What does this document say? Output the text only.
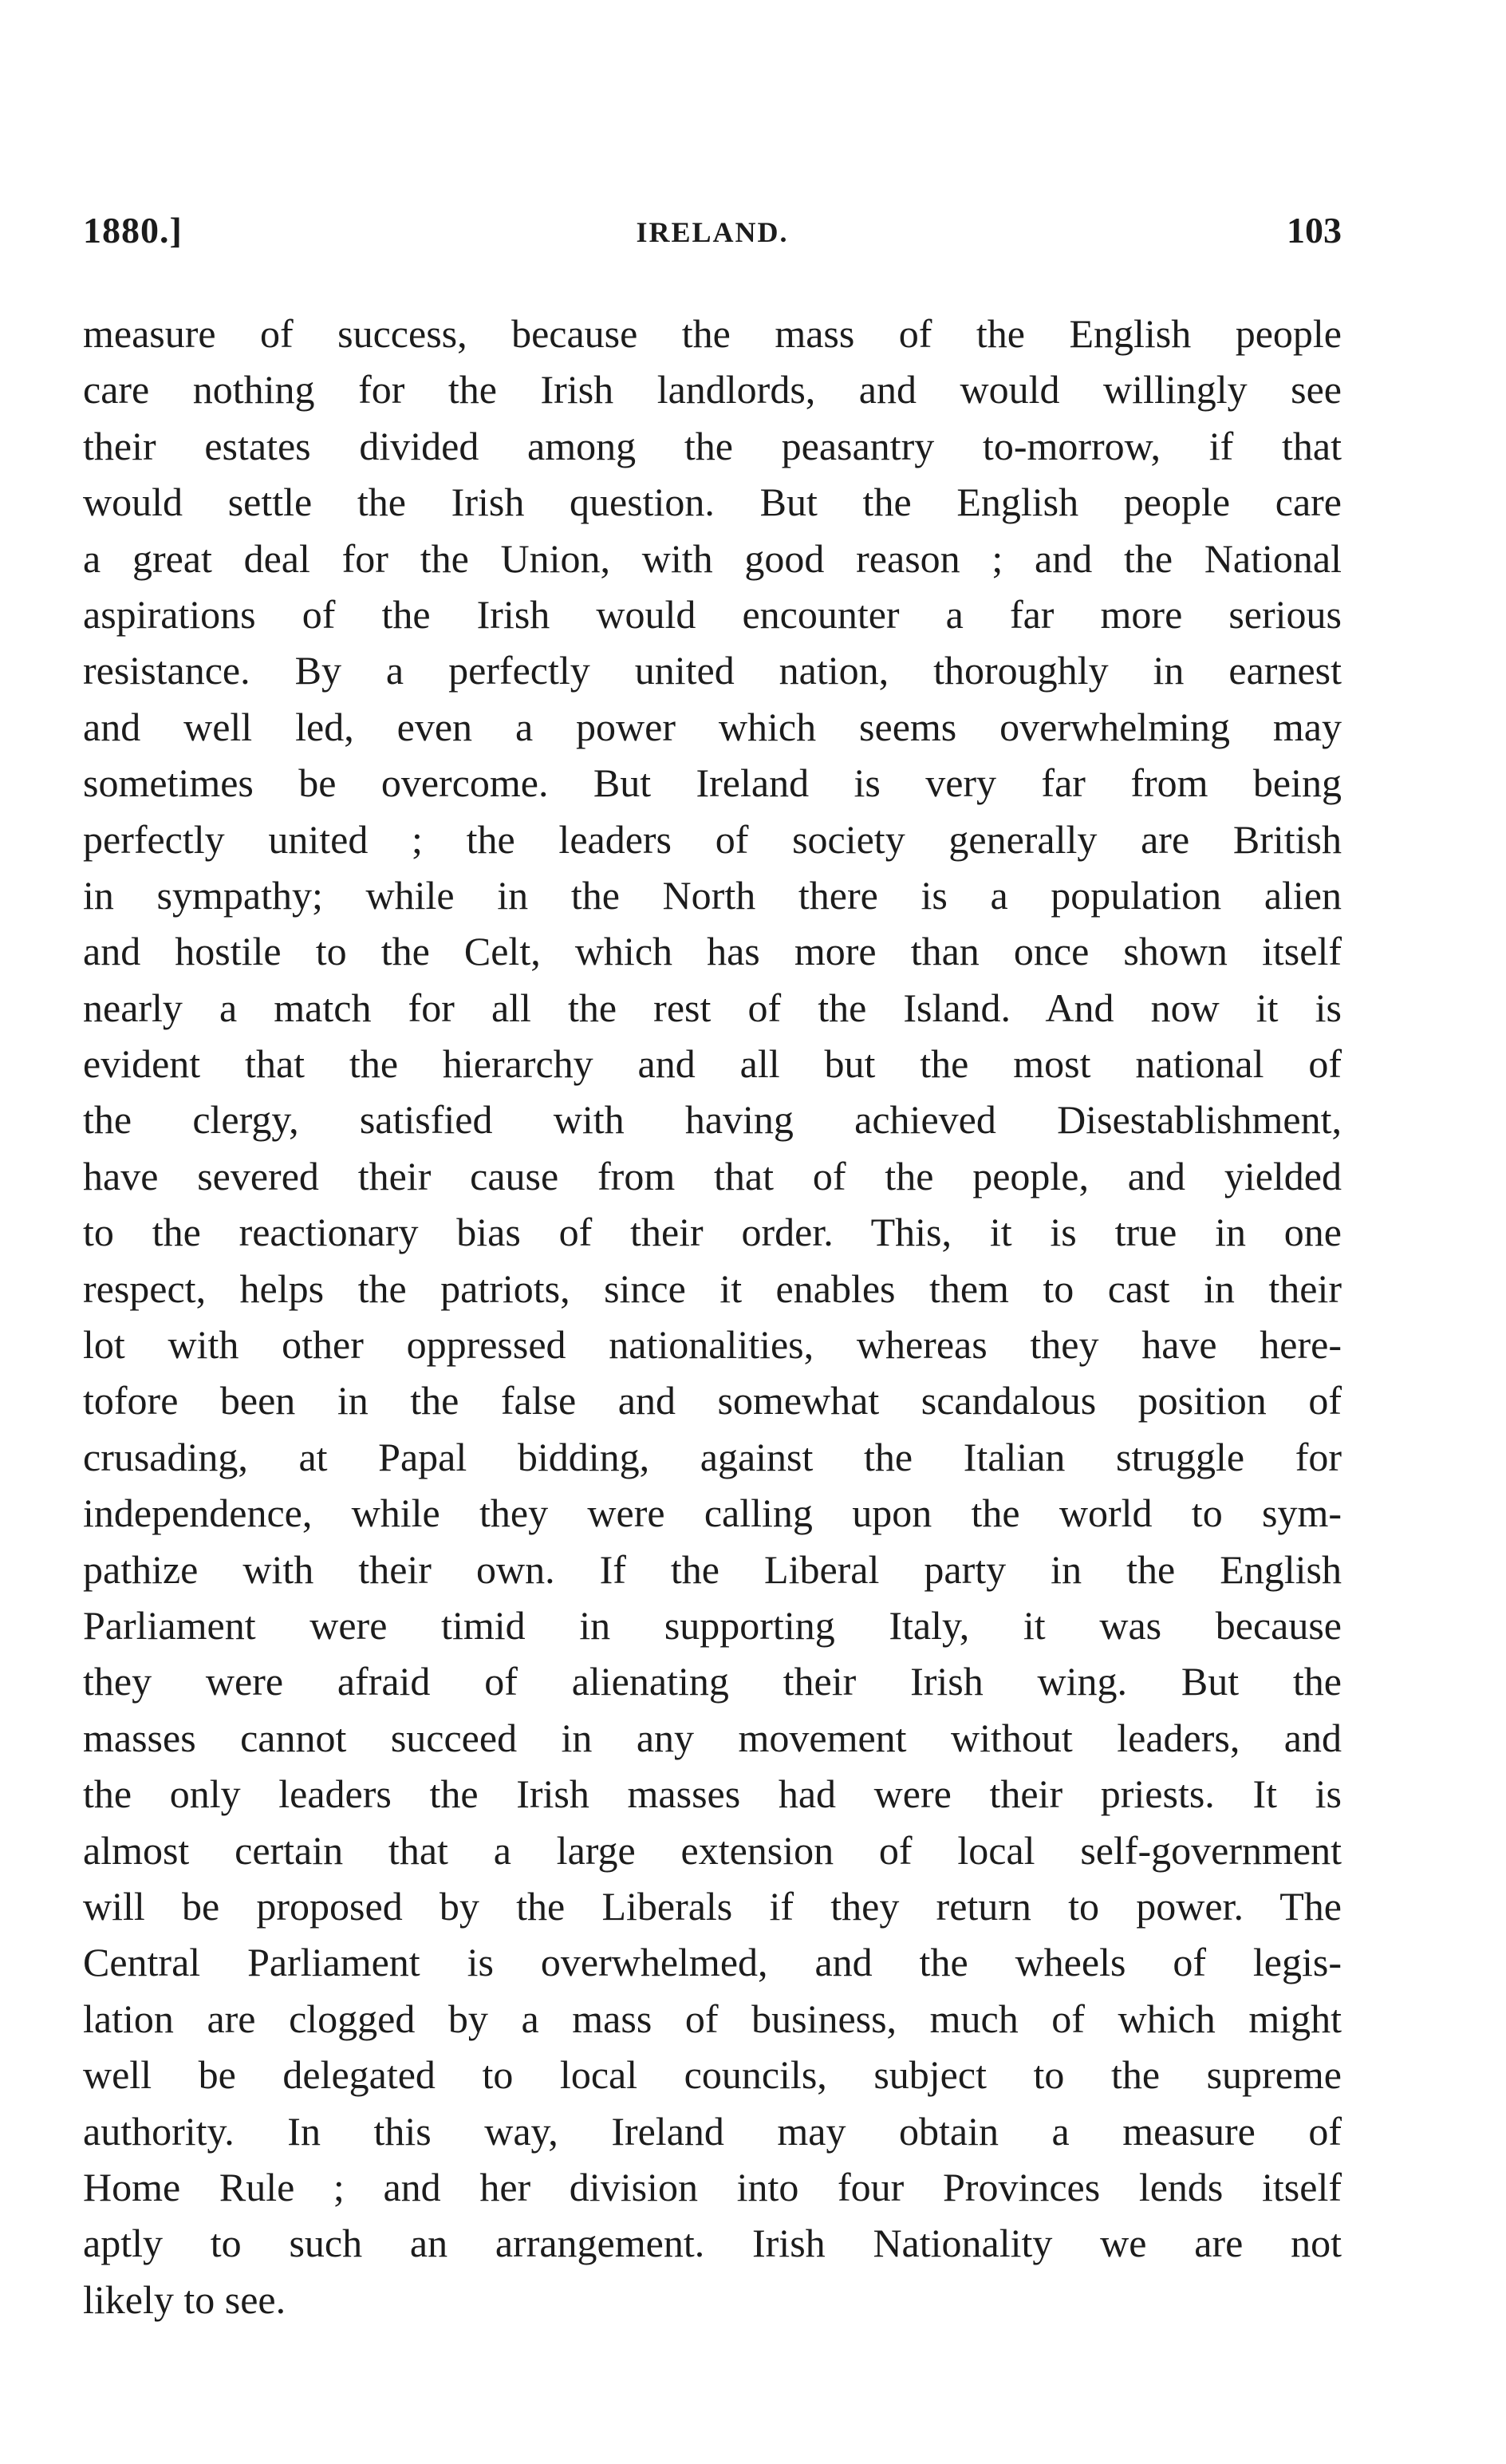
1880.]	IRELAND.	103
measure of success, because the mass of the English people
care nothing for the Irish landlords, and would willingly see
their estates divided among the peasantry to-morrow, if that
would settle the Irish question. But the English people care
a great deal for the Union, with good reason ; and the National
aspirations of the Irish would encounter a far more serious
resistance. By a perfectly united nation, thoroughly in earnest
and well led, even a power which seems overwhelming may
sometimes be overcome. But Ireland is very far from being
perfectly united ; the leaders of society generally are British
in sympathy; while in the North there is a population alien
and hostile to the Celt, which has more than once shown itself
nearly a match for all the rest of the Island. And now it is
evident that the hierarchy and all but the most national of
the clergy, satisfied with having achieved Disestablishment,
have severed their cause from that of the people, and yielded
to the reactionary bias of their order. This, it is true in one
respect, helps the patriots, since it enables them to cast in their
lot with other oppressed nationalities, whereas they have here-
tofore been in the false and somewhat scandalous position of
crusading, at Papal bidding, against the Italian struggle for
independence, while they were calling upon the world to sym-
pathize with their own. If the Liberal party in the English
Parliament were timid in supporting Italy, it was because
they were afraid of alienating their Irish wing. But the
masses cannot succeed in any movement without leaders, and
the only leaders the Irish masses had were their priests. It is
almost certain that a large extension of local self-government
will be proposed by the Liberals if they return to power. The
Central Parliament is overwhelmed, and the wheels of legis-
lation are clogged by a mass of business, much of which might
well be delegated to local councils, subject to the supreme
authority. In this way, Ireland may obtain a measure of
Home Rule ; and her division into four Provinces lends itself
aptly to such an arrangement. Irish Nationality we are not
likely to see.
